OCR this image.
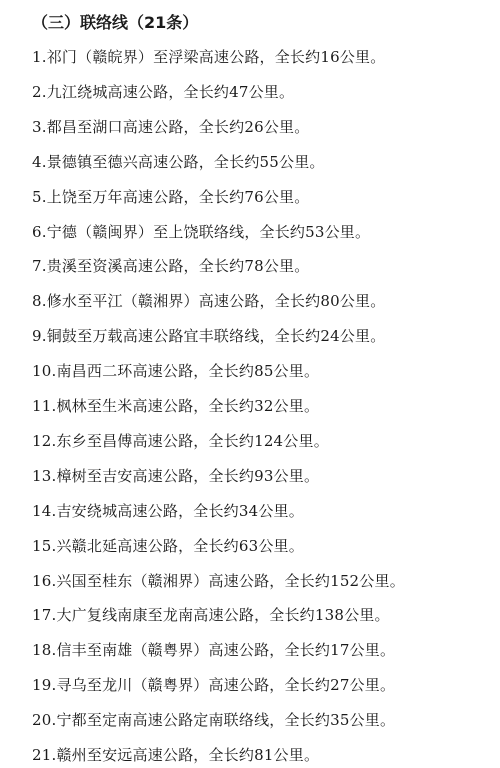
（三）联络线（21条）
1.祁门（赣皖界）至浮梁高速公路，全长约16公里。
2.九江绕城高速公路，全长约47公里。
3.都昌至湖口高速公路，全长约26公里。
4.景德镇至德兴高速公路，全长约55公里。
5.上饶至万年高速公路，全长约76公里。
6.宁德（赣闽界）至上饶联络线，全长约53公里。
7.贵溪至资溪高速公路，全长约78公里。
8.修水至平江（赣湘界）高速公路，全长约80公里。
9.铜鼓至万载高速公路宜丰联络线，全长约24公里。
10.南昌西二环高速公路，全长约85公里。
11.枫林至生米高速公路，全长约32公里。
12.东乡至昌傅高速公路，全长约124公里。
13.樟树至吉安高速公路，全长约93公里。
14.吉安绕城高速公路，全长约34公里。
15.兴赣北延高速公路，全长约63公里。
16.兴国至桂东（赣湘界）高速公路，全长约152公里。
17.大广复线南康至龙南高速公路，全长约138公里。
18.信丰至南雄（赣粤界）高速公路，全长约17公里。
19.寻乌至龙川（赣粤界）高速公路，全长约27公里。
20.宁都至定南高速公路定南联络线，全长约35公里。
21.赣州至安远高速公路，全长约81公里。
